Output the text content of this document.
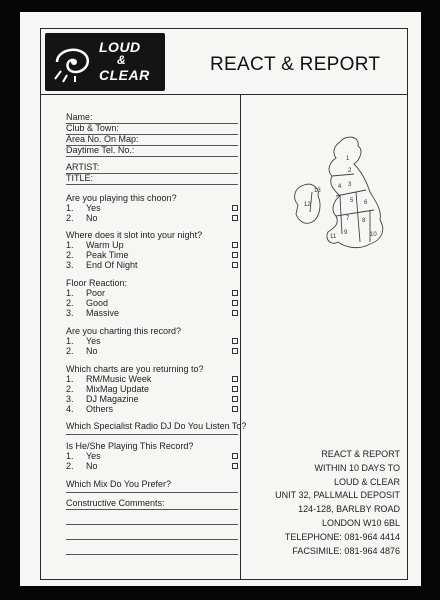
LOUD
&
CLEAR	REACT & REPORT
Name:
Club & Town:
Area No. On Map:
Daytime Tel. No.:
ARTIST:
TITLE:
Are you playing this choon?
1. Yes
2. No
Where does it slot into your night?
1. Warm Up
2. Peak Time
3. End Of Night
Floor Reaction:
1. Poor
2. Good
3. Massive
Are you charting this record?
1. Yes
2. No
Which charts are you returning to?
1. RM/Music Week
2. MixMag Update
3. DJ Magazine
4. Others
Which Specialist Radio DJ Do You Listen To?
Is He/She Playing This Record?
1. Yes
2. No
Which Mix Do You Prefer?
Constructive Comments:
1
2
3
4
5 6
7 8
9	10
11
12
13
REACT & REPORT
WITHIN 10 DAYS TO
LOUD & CLEAR
UNIT 32, PALLMALL DEPOSIT
124-128, BARLBY ROAD
LONDON W10 6BL
TELEPHONE: 081-964 4414
FACSIMILE: 081-964 4876
